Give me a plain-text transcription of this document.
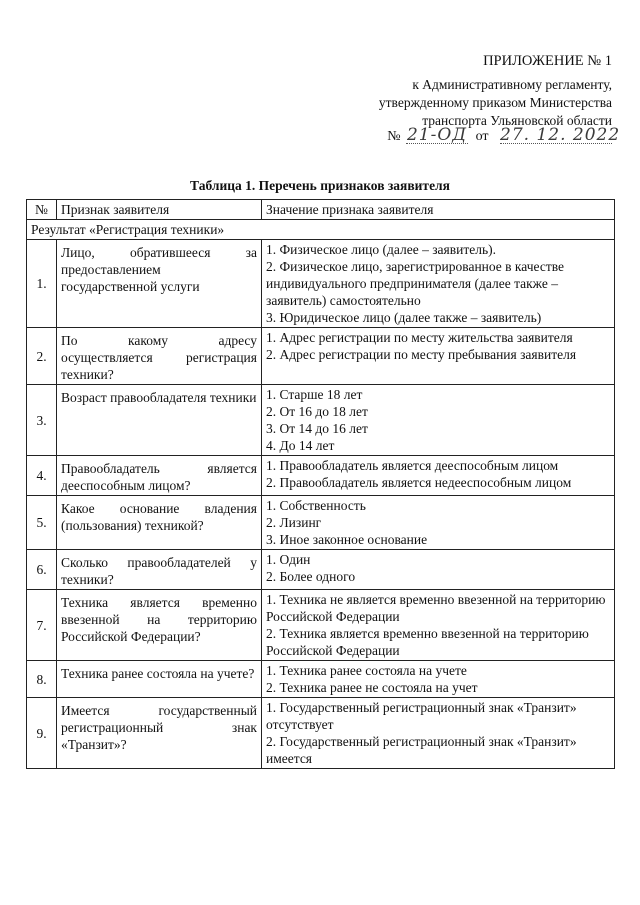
ПРИЛОЖЕНИЕ № 1
к Административному регламенту,
утвержденному приказом Министерства
транспорта Ульяновской области
№ 21-ОД от 27. 12. 2022
Таблица 1. Перечень признаков заявителя
№	Признак заявителя	Значение признака заявителя
Результат «Регистрация техники»		
1.	Лицо, обратившееся за предоставлением государственной услуги	1. Физическое лицо (далее – заявитель).
2. Физическое лицо, зарегистрированное в качестве индивидуального предпринимателя (далее также – заявитель) самостоятельно
3. Юридическое лицо (далее также – заявитель)

2.	По какому адресу осуществляется регистрация техники?	1. Адрес регистрации по месту жительства заявителя
2. Адрес регистрации по месту пребывания заявителя

3.	Возраст правообладателя техники	1. Старше 18 лет
2. От 16 до 18 лет
3. От 14 до 16 лет
4. До 14 лет

4.	Правообладатель является дееспособным лицом?	1. Правообладатель является дееспособным лицом
2. Правообладатель является недееспособным лицом

5.	Какое основание владения (пользования) техникой?	1. Собственность
2. Лизинг
3. Иное законное основание

6.	Сколько правообладателей у техники?	1. Один
2. Более одного

7.	Техника является временно ввезенной на территорию Российской Федерации?	1. Техника не является временно ввезенной на территорию Российской Федерации
2. Техника является временно ввезенной на территорию Российской Федерации

8.	Техника ранее состояла на учете?	1. Техника ранее состояла на учете
2. Техника ранее не состояла на учет

9.	Имеется государственный регистрационный знак «Транзит»?	1. Государственный регистрационный знак «Транзит» отсутствует
2. Государственный регистрационный знак «Транзит» имеется
